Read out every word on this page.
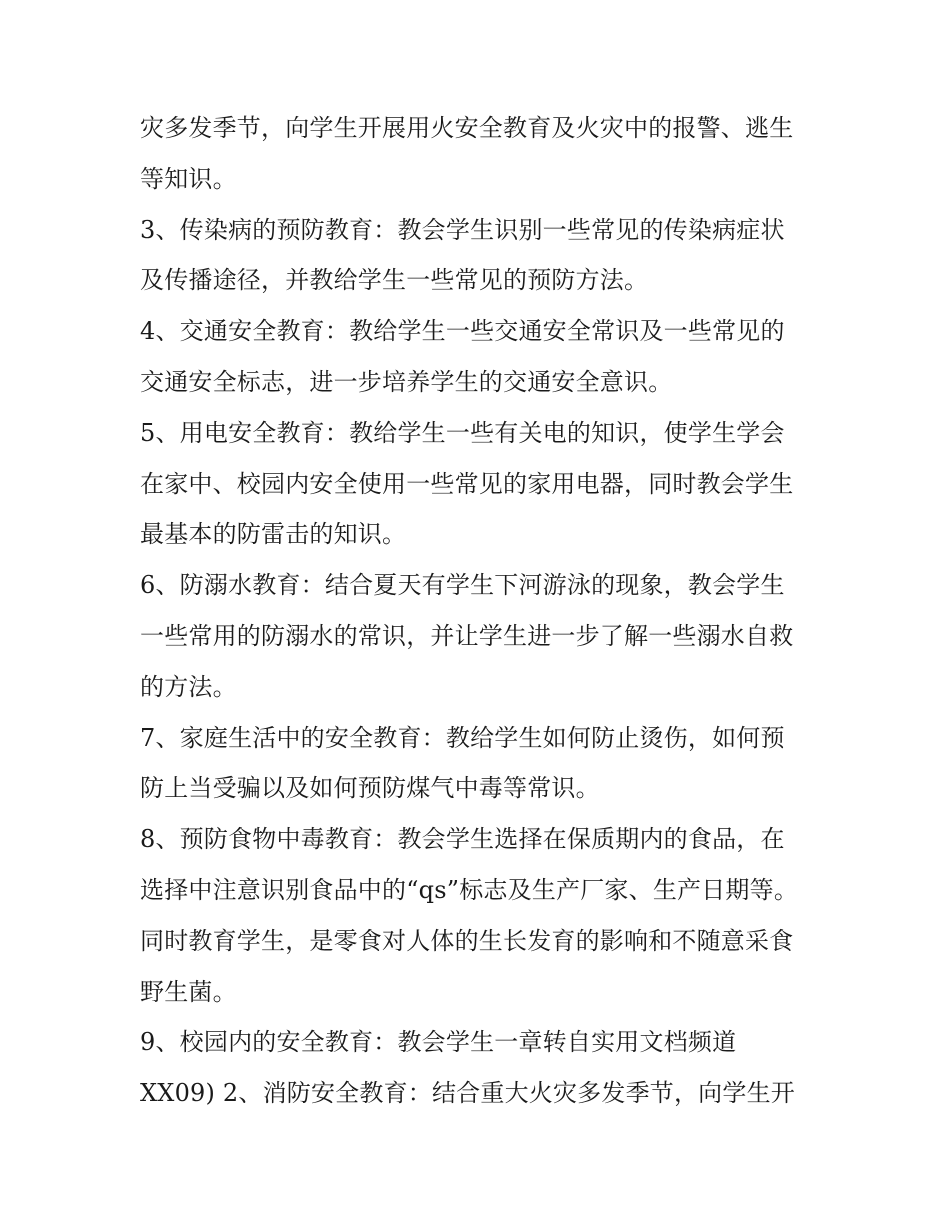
灾多发季节，向学生开展用火安全教育及火灾中的报警、逃生
等知识。
3、传染病的预防教育：教会学生识别一些常见的传染病症状
及传播途径，并教给学生一些常见的预防方法。
4、交通安全教育：教给学生一些交通安全常识及一些常见的
交通安全标志，进一步培养学生的交通安全意识。
5、用电安全教育：教给学生一些有关电的知识，使学生学会
在家中、校园内安全使用一些常见的家用电器，同时教会学生
最基本的防雷击的知识。
6、防溺水教育：结合夏天有学生下河游泳的现象，教会学生
一些常用的防溺水的常识，并让学生进一步了解一些溺水自救
的方法。
7、家庭生活中的安全教育：教给学生如何防止烫伤，如何预
防上当受骗以及如何预防煤气中毒等常识。
8、预防食物中毒教育：教会学生选择在保质期内的食品，在
选择中注意识别食品中的“qs”标志及生产厂家、生产日期等。
同时教育学生，是零食对人体的生长发育的影响和不随意采食
野生菌。
9、校园内的安全教育：教会学生一章转自实用文档频道
XX09) 2、消防安全教育：结合重大火灾多发季节，向学生开
